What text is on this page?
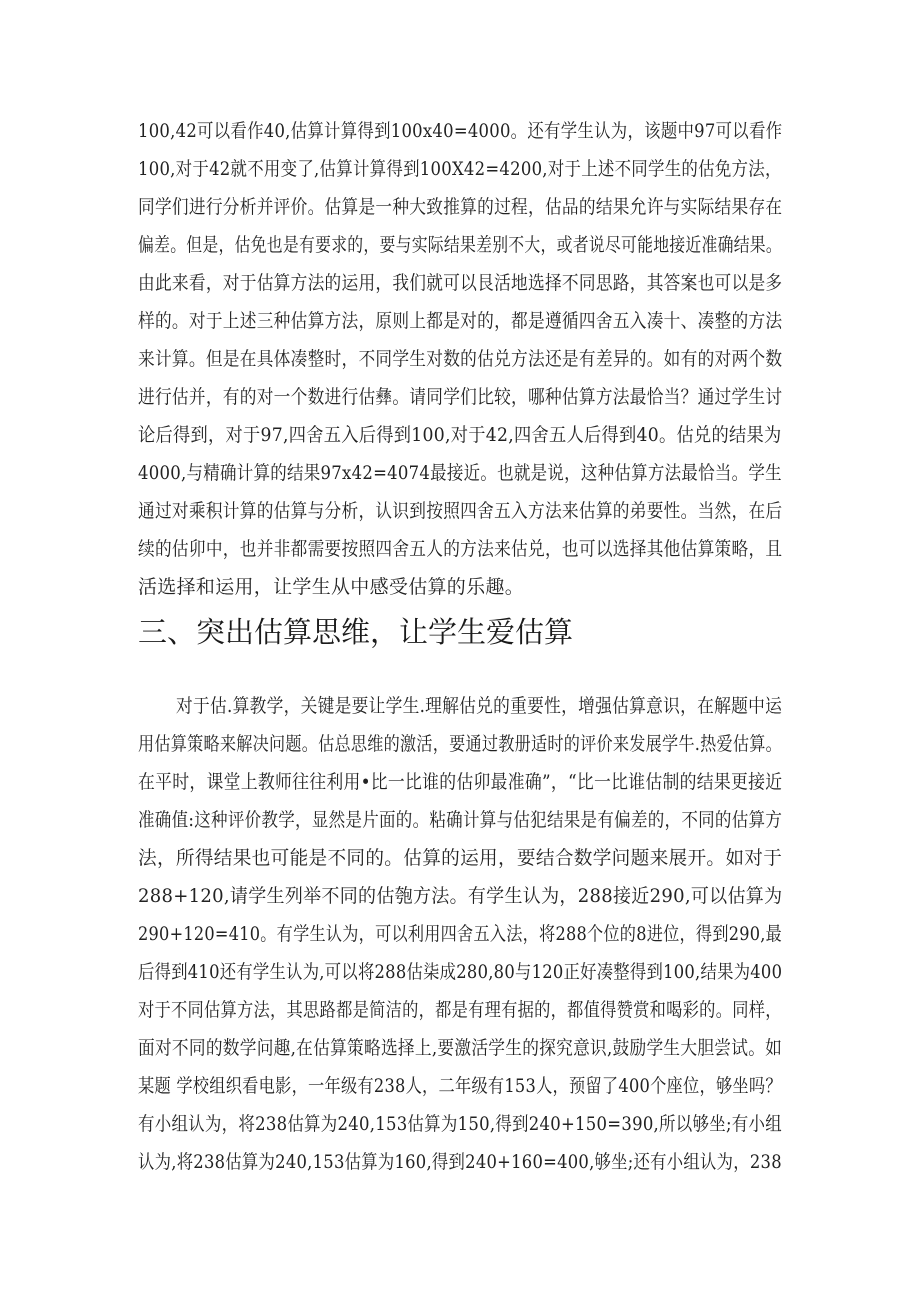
100,42可以看作40,估算计算得到100x40=4000。还有学生认为，该题中97可以看作
100,对于42就不用变了,估算计算得到100X42=4200,对于上述不同学生的估免方法，
同学们进行分析并评价。估算是一种大致推算的过程，估品的结果允许与实际结果存在
偏差。但是，估免也是有要求的，要与实际结果差别不大，或者说尽可能地接近准确结果。
由此来看，对于估算方法的运用，我们就可以艮活地选择不同思路，其答案也可以是多
样的。对于上述三种估算方法，原则上都是对的，都是遵循四舍五入凑十、凑整的方法
来计算。但是在具体凑整时，不同学生对数的估兑方法还是有差异的。如有的对两个数
进行估并，有的对一个数进行估彝。请同学们比较，哪种估算方法最恰当？通过学生讨
论后得到，对于97,四舍五入后得到100,对于42,四舍五人后得到40。估兑的结果为
4000,与精确计算的结果97x42=4074最接近。也就是说，这种估算方法最恰当。学生
通过对乘积计算的估算与分析，认识到按照四舍五入方法来估算的弟要性。当然，在后
续的估卯中，也并非都需要按照四舍五人的方法来估兑，也可以选择其他估算策略，且
活选择和运用，让学生从中感受估算的乐趣。
三、突出估算思维，让学生爱估算
对于估.算教学，关键是要让学生.理解估兑的重要性，增强估算意识，在解题中运
用估算策略来解决问题。估总思维的激活，要通过教册适时的评价来发展学牛.热爱估算。
在平时，课堂上教师往往利用•比一比谁的估卯最准确”，“比一比谁估制的结果更接近
准确值:这种评价教学，显然是片面的。粘确计算与估犯结果是有偏差的，不同的估算方
法，所得结果也可能是不同的。估算的运用，要结合数学问题来展开。如对于
288+120,请学生列举不同的估匏方法。有学生认为，288接近290,可以估算为
290+120=410。有学生认为，可以利用四舍五入法，将288个位的8进位，得到290,最
后得到410还有学生认为,可以将288估柒成280,80与120正好凑整得到100,结果为400
对于不同估算方法，其思路都是简洁的，都是有理有据的，都值得赞赏和喝彩的。同样，
面对不同的数学问趣,在估算策略选择上,要激活学生的探究意识,鼓励学生大胆尝试。如
某题 学校组织看电影，一年级有238人，二年级有153人，预留了400个座位，够坐吗？
有小组认为，将238估算为240,153估算为150,得到240+150=390,所以够坐;有小组
认为,将238估算为240,153估算为160,得到240+160=400,够坐;还有小组认为，238
